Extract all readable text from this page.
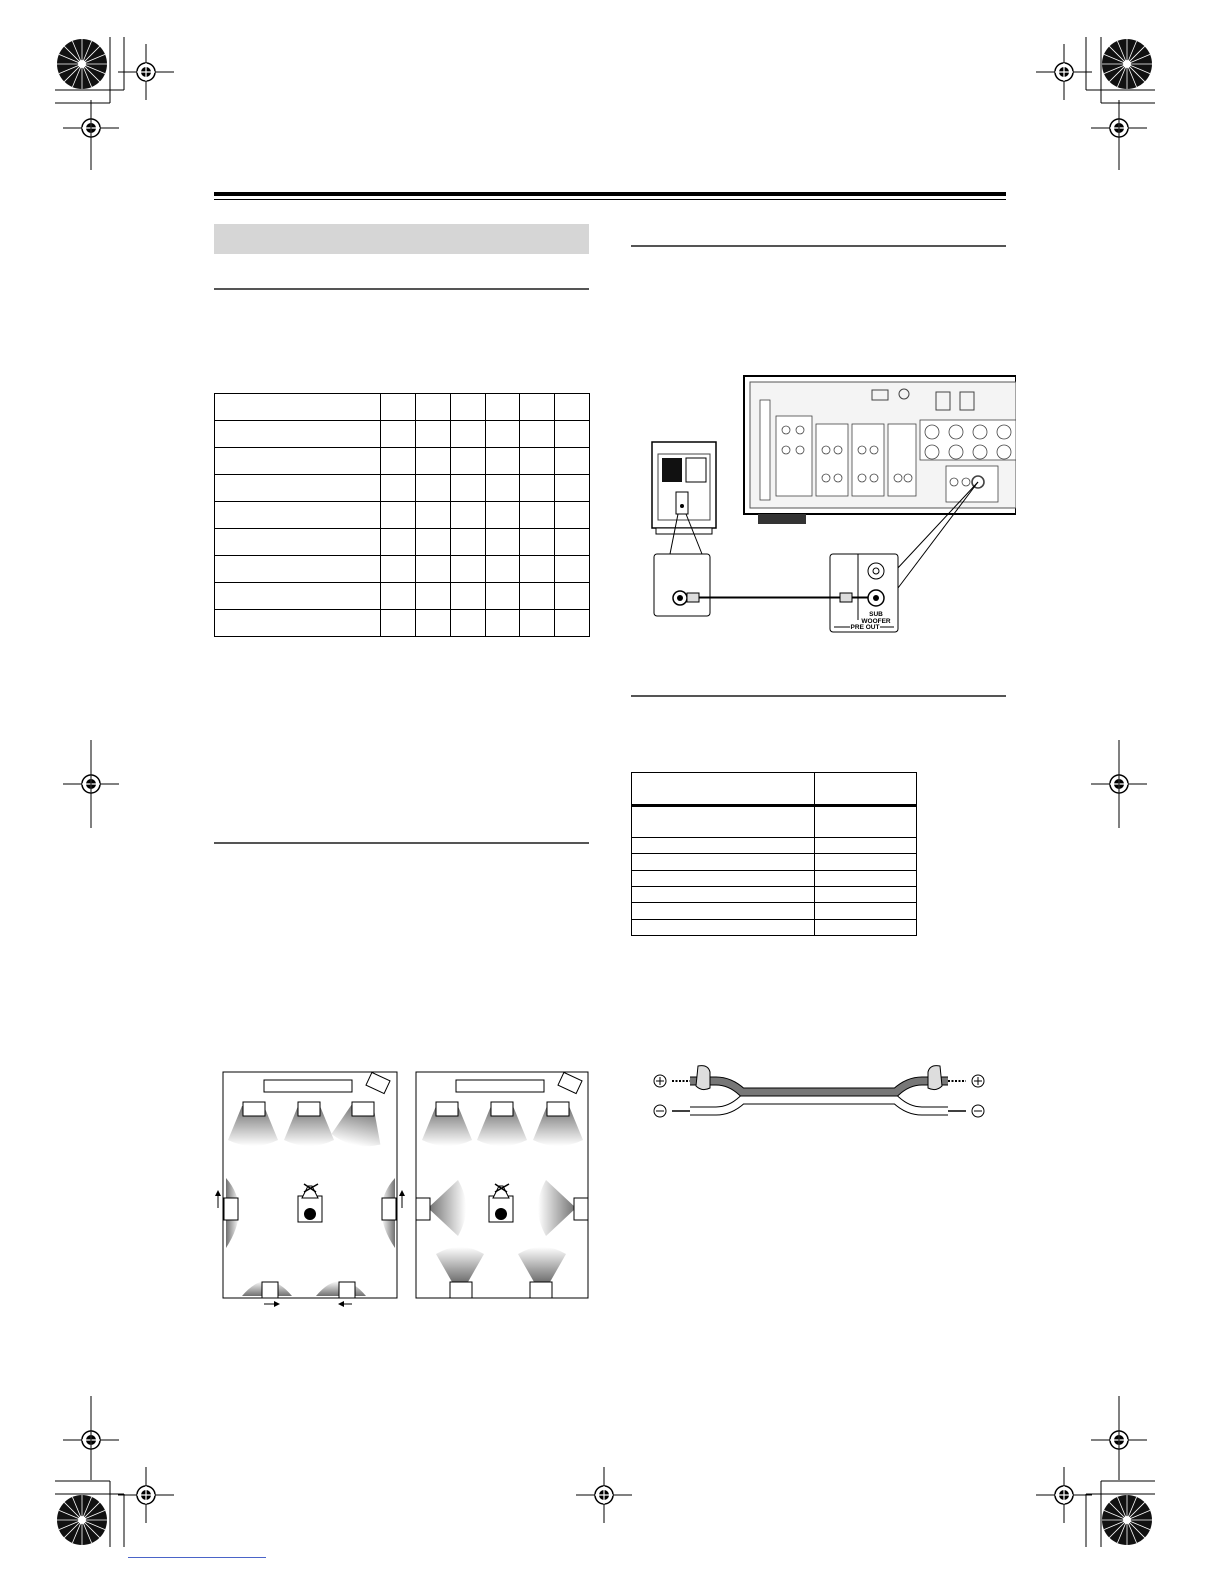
SUB
WOOFER
PRE OUT
